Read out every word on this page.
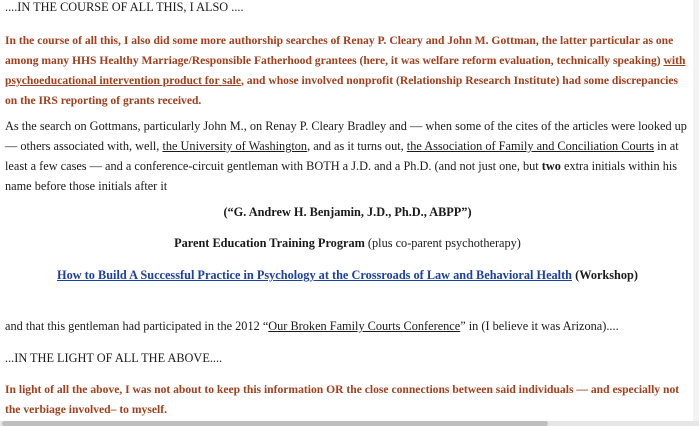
....IN THE COURSE OF ALL THIS, I ALSO ....

In the course of all this, I also did some more authorship searches of Renay P. Cleary and John M. Gottman, the latter particular as one among many HHS Healthy Marriage/Responsible Fatherhood grantees (here, it was welfare reform evaluation, technically speaking) with psychoeducational intervention product for sale, and whose involved nonprofit (Relationship Research Institute) had some discrepancies on the IRS reporting of grants received.

As the search on Gottmans, particularly John M., on Renay P. Cleary Bradley and — when some of the cites of the articles were looked up — others associated with, well, the University of Washington, and as it turns out, the Association of Family and Conciliation Courts in at least a few cases — and a conference-circuit gentleman with BOTH a J.D. and a Ph.D. (and not just one, but two extra initials within his name before those initials after it

(“G. Andrew H. Benjamin, J.D., Ph.D., ABPP”)

Parent Education Training Program (plus co-parent psychotherapy)

How to Build A Successful Practice in Psychology at the Crossroads of Law and Behavioral Health (Workshop)

and that this gentleman had participated in the 2012 “Our Broken Family Courts Conference” in (I believe it was Arizona)....

...IN THE LIGHT OF ALL THE ABOVE....

In light of all the above, I was not about to keep this information OR the close connections between said individuals — and especially not the verbiage involved– to myself.
